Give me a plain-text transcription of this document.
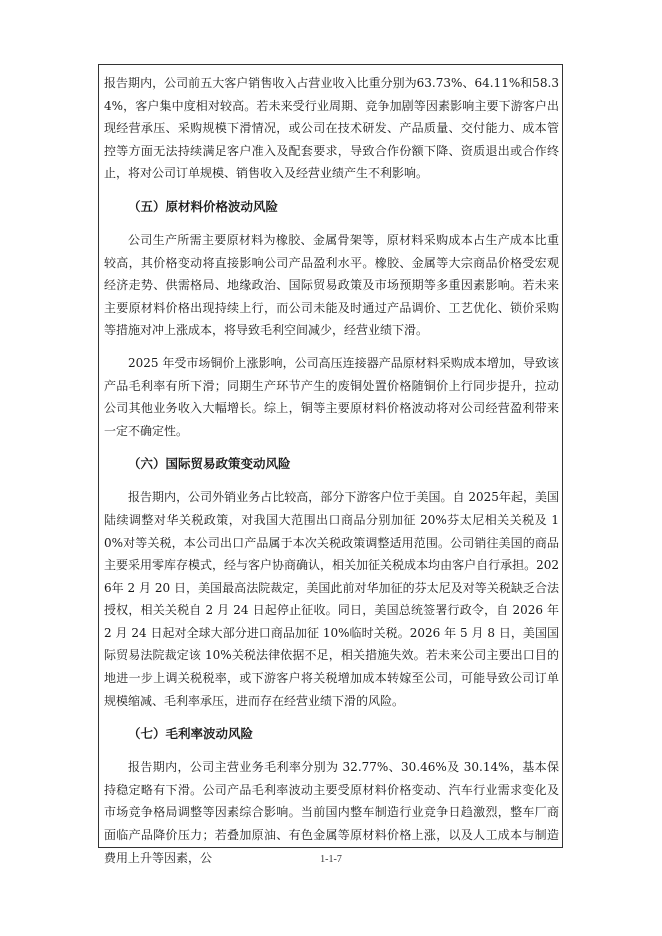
报告期内，公司前五大客户销售收入占营业收入比重分别为63.73%、64.11%和58.34%，客户集中度相对较高。若未来受行业周期、竞争加剧等因素影响主要下游客户出现经营承压、采购规模下滑情况，或公司在技术研发、产品质量、交付能力、成本管控等方面无法持续满足客户准入及配套要求，导致合作份额下降、资质退出或合作终止，将对公司订单规模、销售收入及经营业绩产生不利影响。

（五）原材料价格波动风险

公司生产所需主要原材料为橡胶、金属骨架等，原材料采购成本占生产成本比重较高，其价格变动将直接影响公司产品盈利水平。橡胶、金属等大宗商品价格受宏观经济走势、供需格局、地缘政治、国际贸易政策及市场预期等多重因素影响。若未来主要原材料价格出现持续上行，而公司未能及时通过产品调价、工艺优化、锁价采购等措施对冲上涨成本，将导致毛利空间减少，经营业绩下滑。

2025 年受市场铜价上涨影响，公司高压连接器产品原材料采购成本增加，导致该产品毛利率有所下滑；同期生产环节产生的废铜处置价格随铜价上行同步提升，拉动公司其他业务收入大幅增长。综上，铜等主要原材料价格波动将对公司经营盈利带来一定不确定性。

（六）国际贸易政策变动风险

报告期内，公司外销业务占比较高，部分下游客户位于美国。自 2025年起，美国陆续调整对华关税政策，对我国大范围出口商品分别加征 20%芬太尼相关关税及 10%对等关税，本公司出口产品属于本次关税政策调整适用范围。公司销往美国的商品主要采用零库存模式，经与客户协商确认，相关加征关税成本均由客户自行承担。2026年 2 月 20 日，美国最高法院裁定，美国此前对华加征的芬太尼及对等关税缺乏合法授权，相关关税自 2 月 24 日起停止征收。同日，美国总统签署行政令，自 2026 年 2 月 24 日起对全球大部分进口商品加征 10%临时关税。2026 年 5 月 8 日，美国国际贸易法院裁定该 10%关税法律依据不足，相关措施失效。若未来公司主要出口目的地进一步上调关税税率，或下游客户将关税增加成本转嫁至公司，可能导致公司订单规模缩减、毛利率承压，进而存在经营业绩下滑的风险。

（七）毛利率波动风险

报告期内，公司主营业务毛利率分别为 32.77%、30.46%及 30.14%，基本保持稳定略有下滑。公司产品毛利率波动主要受原材料价格变动、汽车行业需求变化及市场竞争格局调整等因素综合影响。当前国内整车制造行业竞争日趋激烈，整车厂商面临产品降价压力；若叠加原油、有色金属等原材料价格上涨，以及人工成本与制造费用上升等因素，公	1-1-7
